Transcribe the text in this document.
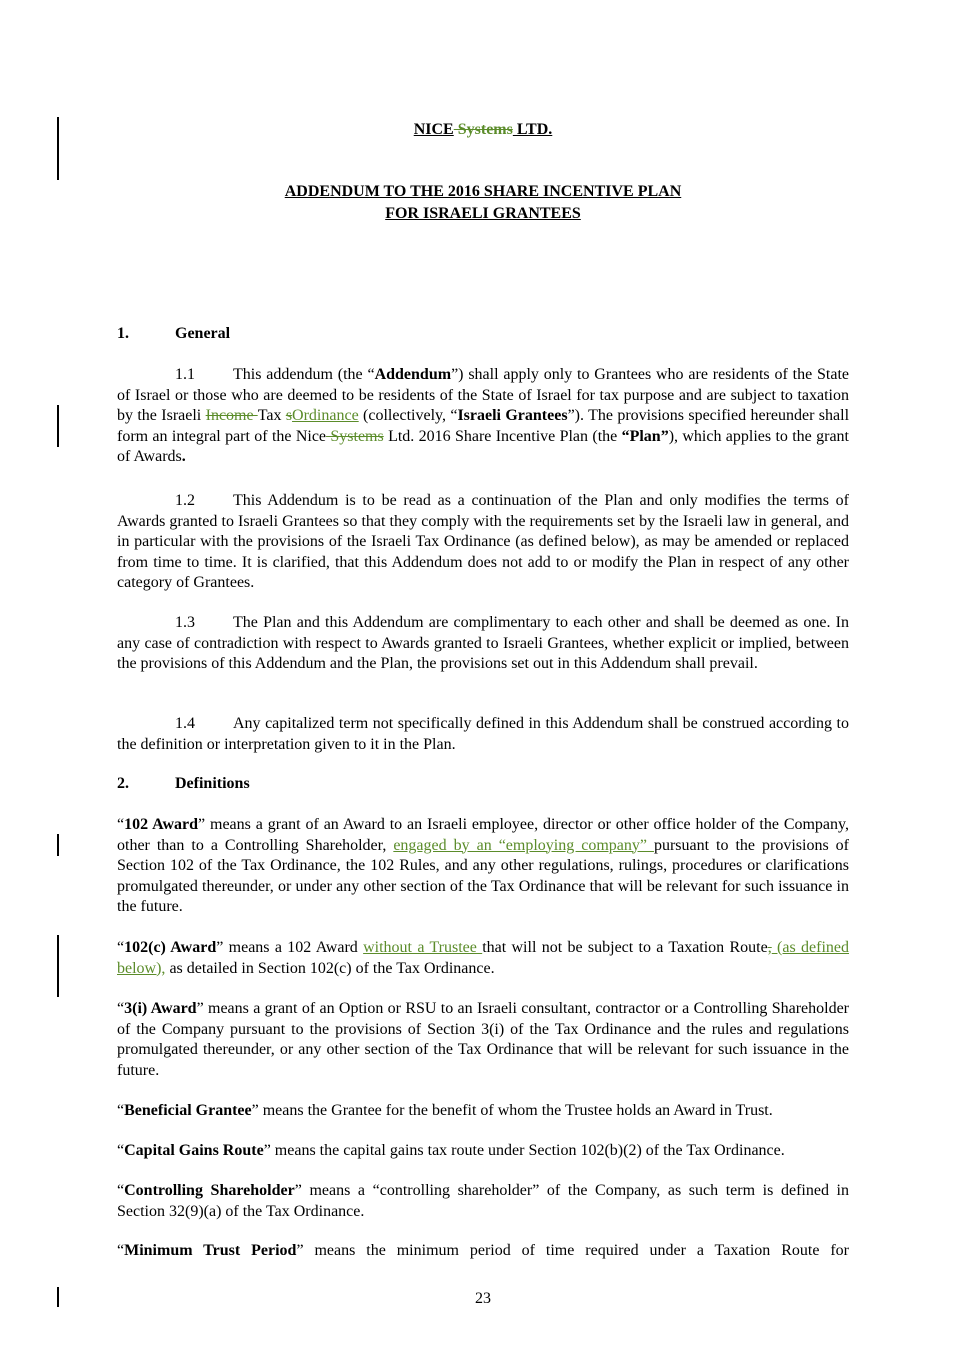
NICE Systems LTD.
ADDENDUM TO THE 2016 SHARE INCENTIVE PLAN
FOR ISRAELI GRANTEES
1.	General

1.1 This addendum (the “Addendum”) shall apply only to Grantees who are residents of the State of Israel or those who are deemed to be residents of the State of Israel for tax purpose and are subject to taxation by the Israeli Income Tax sOrdinance (collectively, “Israeli Grantees”). The provisions specified hereunder shall form an integral part of the Nice Systems Ltd. 2016 Share Incentive Plan (the “Plan”), which applies to the grant of Awards.

1.2 This Addendum is to be read as a continuation of the Plan and only modifies the terms of Awards granted to Israeli Grantees so that they comply with the requirements set by the Israeli law in general, and in particular with the provisions of the Israeli Tax Ordinance (as defined below), as may be amended or replaced from time to time. It is clarified, that this Addendum does not add to or modify the Plan in respect of any other category of Grantees.

1.3 The Plan and this Addendum are complimentary to each other and shall be deemed as one. In any case of contradiction with respect to Awards granted to Israeli Grantees, whether explicit or implied, between the provisions of this Addendum and the Plan, the provisions set out in this Addendum shall prevail.

1.4 Any capitalized term not specifically defined in this Addendum shall be construed according to the definition or interpretation given to it in the Plan.

2.	Definitions

“102 Award” means a grant of an Award to an Israeli employee, director or other office holder of the Company, other than to a Controlling Shareholder, engaged by an “employing company” pursuant to the provisions of Section 102 of the Tax Ordinance, the 102 Rules, and any other regulations, rulings, procedures or clarifications promulgated thereunder, or under any other section of the Tax Ordinance that will be relevant for such issuance in the future.

“102(c) Award” means a 102 Award without a Trustee that will not be subject to a Taxation Route, (as defined below), as detailed in Section 102(c) of the Tax Ordinance.

“3(i) Award” means a grant of an Option or RSU to an Israeli consultant, contractor or a Controlling Shareholder of the Company pursuant to the provisions of Section 3(i) of the Tax Ordinance and the rules and regulations promulgated thereunder, or any other section of the Tax Ordinance that will be relevant for such issuance in the future.

“Beneficial Grantee” means the Grantee for the benefit of whom the Trustee holds an Award in Trust.

“Capital Gains Route” means the capital gains tax route under Section 102(b)(2) of the Tax Ordinance.

“Controlling Shareholder” means a “controlling shareholder” of the Company, as such term is defined in Section 32(9)(a) of the Tax Ordinance.

“Minimum Trust Period” means the minimum period of time required under a Taxation Route for

23
